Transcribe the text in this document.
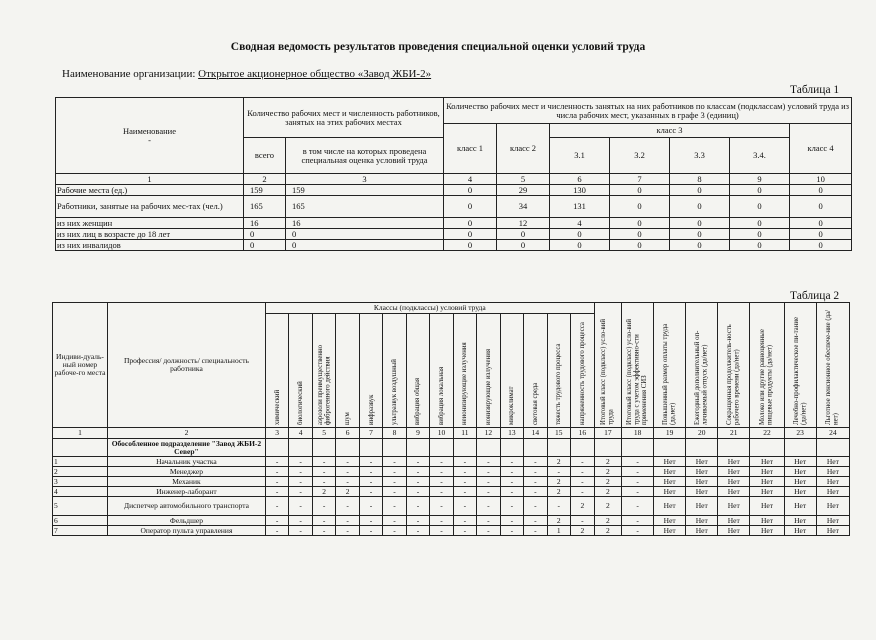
Сводная ведомость результатов проведения специальной оценки условий труда
Наименование организации: Открытое акционерное общество «Завод ЖБИ-2»
Таблица 1
Наименование
-	Количество рабочих мест и численность работников, занятых на этих рабочих местах		Количество рабочих мест и численность занятых на них работников по классам (подклассам) условий труда из числа рабочих мест, указанных в графе 3 (единиц)						
			класс 1	класс 2	класс 3				класс 4
	всего	в том числе на которых проведена специальная оценка условий труда			3.1	3.2	3.3	3.4.	
1	2	3	4	5	6	7	8	9	10
Рабочие места (ед.)	159	159	0	29	130	0	0	0	0
Работники, занятые на рабочих мес-тах (чел.)	165	165	0	34	131	0	0	0	0
из них женщин	16	16	0	12	4	0	0	0	0
из них лиц в возрасте до 18 лет	0	0	0	0	0	0	0	0	0
из них инвалидов	0	0	0	0	0	0	0	0	0
Таблица 2
Индиви-дуаль-ный номер рабоче-го места	Профессия/ должность/ специальность работника	Классы (подклассы) условий труда														Итоговый класс (подкласс) усло-вий труда	Итоговый класс (подкласс) усло-вий труда с учетом эффективно-сти применения СИЗ	Повышенный размер оплаты труда (да,нет)	Ежегодный дополнительный оп-лачиваемый отпуск (да/нет)	Сокращенная продолжитель-ность рабочего времени (да/нет)	Молоко или другие равноценные пищевые продукты (да/нет)	Лечебно-профилактическое пи-тание (да/нет)	Льготное пенсионное обеспече-ние (да/нет)

		химический	биологический	аэрозоли преимущественно фиброгенного действия	шум	инфразвук	ультразвук воздушный	вибрация общая	вибрация локальная	неионизирующие излучения	ионизирующие излучения	микроклимат	световая среда	тяжесть трудового процесса	напряженность трудового процесса								

1	2	3	4	5	6	7	8	9	10	11	12	13	14	15	16	17	18	19	20	21	22	23	24
	Обособленное подразделение "Завод ЖБИ-2 Север"																						
1	Начальник участка	-	-	-	-	-	-	-	-	-	-	-	-	2	-	2	-	Нет	Нет	Нет	Нет	Нет	Нет
2	Менеджер	-	-	-	-	-	-	-	-	-	-	-	-	-	-	2	-	Нет	Нет	Нет	Нет	Нет	Нет
3	Механик	-	-	-	-	-	-	-	-	-	-	-	-	2	-	2	-	Нет	Нет	Нет	Нет	Нет	Нет
4	Инженер-лаборант	-	-	2	2	-	-	-	-	-	-	-	-	2	-	2	-	Нет	Нет	Нет	Нет	Нет	Нет
5	Диспетчер автомобильного транспорта	-	-	-	-	-	-	-	-	-	-	-	-	-	2	2	-	Нет	Нет	Нет	Нет	Нет	Нет
6	Фельдшер	-	-	-	-	-	-	-	-	-	-	-	-	2	-	2	-	Нет	Нет	Нет	Нет	Нет	Нет
7	Оператор пульта управления	-	-	-	-	-	-	-	-	-	-	-	-	1	2	2	-	Нет	Нет	Нет	Нет	Нет	Нет
